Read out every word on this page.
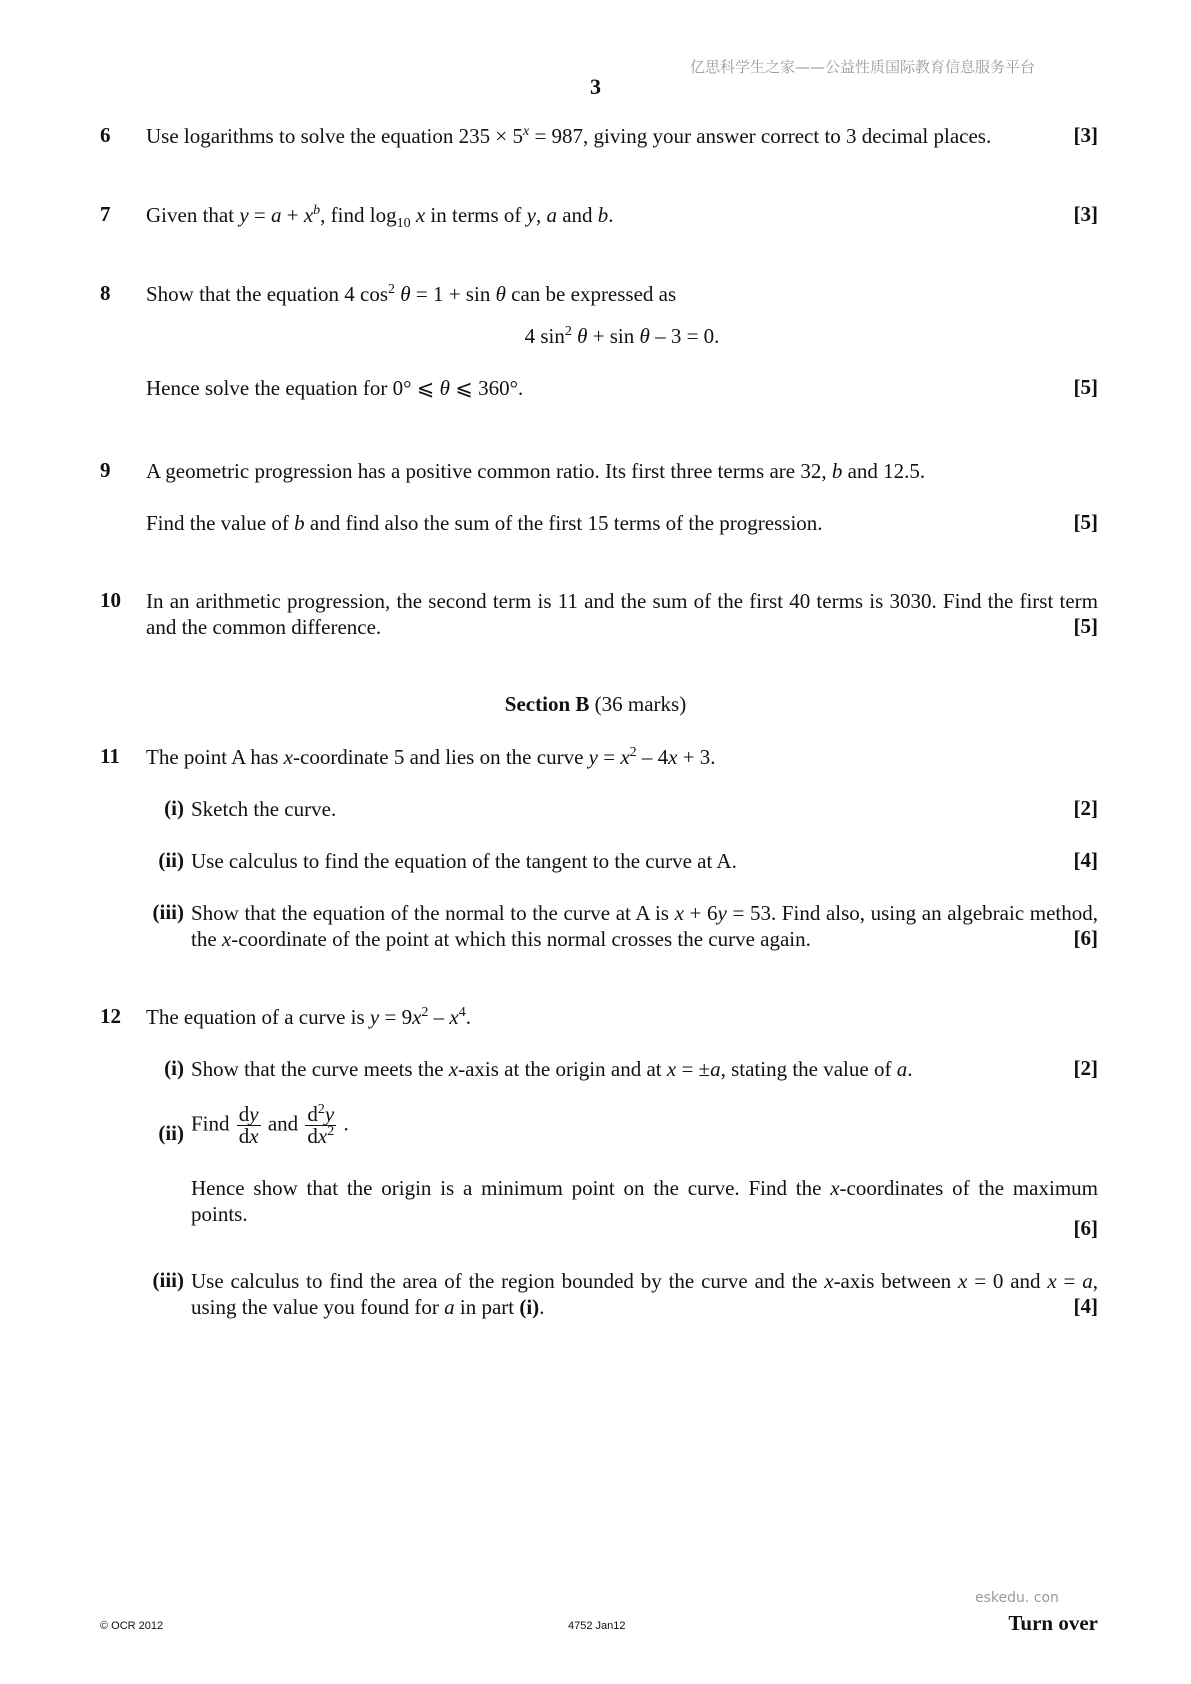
亿思科学生之家——公益性质国际教育信息服务平台
3
6 Use logarithms to solve the equation $235 \times 5^x = 987$, giving your answer correct to 3 decimal places.	[3]
7 Given that $y = a + x^b$, find $\log_{10} x$ in terms of y, a and b.	[3]
8 Show that the equation 4 $\cos^2 \theta = 1 + \sin \theta$ can be expressed as
4 $\sin^2 \theta + \sin \theta - 3 = 0$.
Hence solve the equation for 0° ⩽ θ ⩽ 360°.	[5]
9 A geometric progression has a positive common ratio. Its first three terms are 32, b and 12.5.
Find the value of b and find also the sum of the first 15 terms of the progression.	[5]
10 In an arithmetic progression, the second term is 11 and the sum of the first 40 terms is 3030. Find the first term and the common difference.	[5]
Section B (36 marks)
11 The point A has x-coordinate 5 and lies on the curve $y = x^2 - 4x + 3$.
(i) Sketch the curve.	[2]
(ii) Use calculus to find the equation of the tangent to the curve at A.	[4]
(iii) Show that the equation of the normal to the curve at A is x + 6y = 53. Find also, using an algebraic method, the x-coordinate of the point at which this normal crosses the curve again.	[6]
12 The equation of a curve is $y = 9x^2 - x^4$.
(i) Show that the curve meets the x-axis at the origin and at x = ±a, stating the value of a.	[2]
(ii) Find $\frac{dy}{dx}$ and $\frac{d^2y}{dx^2}$ .
Hence show that the origin is a minimum point on the curve. Find the x-coordinates of the maximum points.
[6]
(iii) Use calculus to find the area of the region bounded by the curve and the x-axis between x = 0 and x = a, using the value you found for a in part (i).	[4]
eskedu. con
© OCR 2012	4752 Jan12	Turn over
